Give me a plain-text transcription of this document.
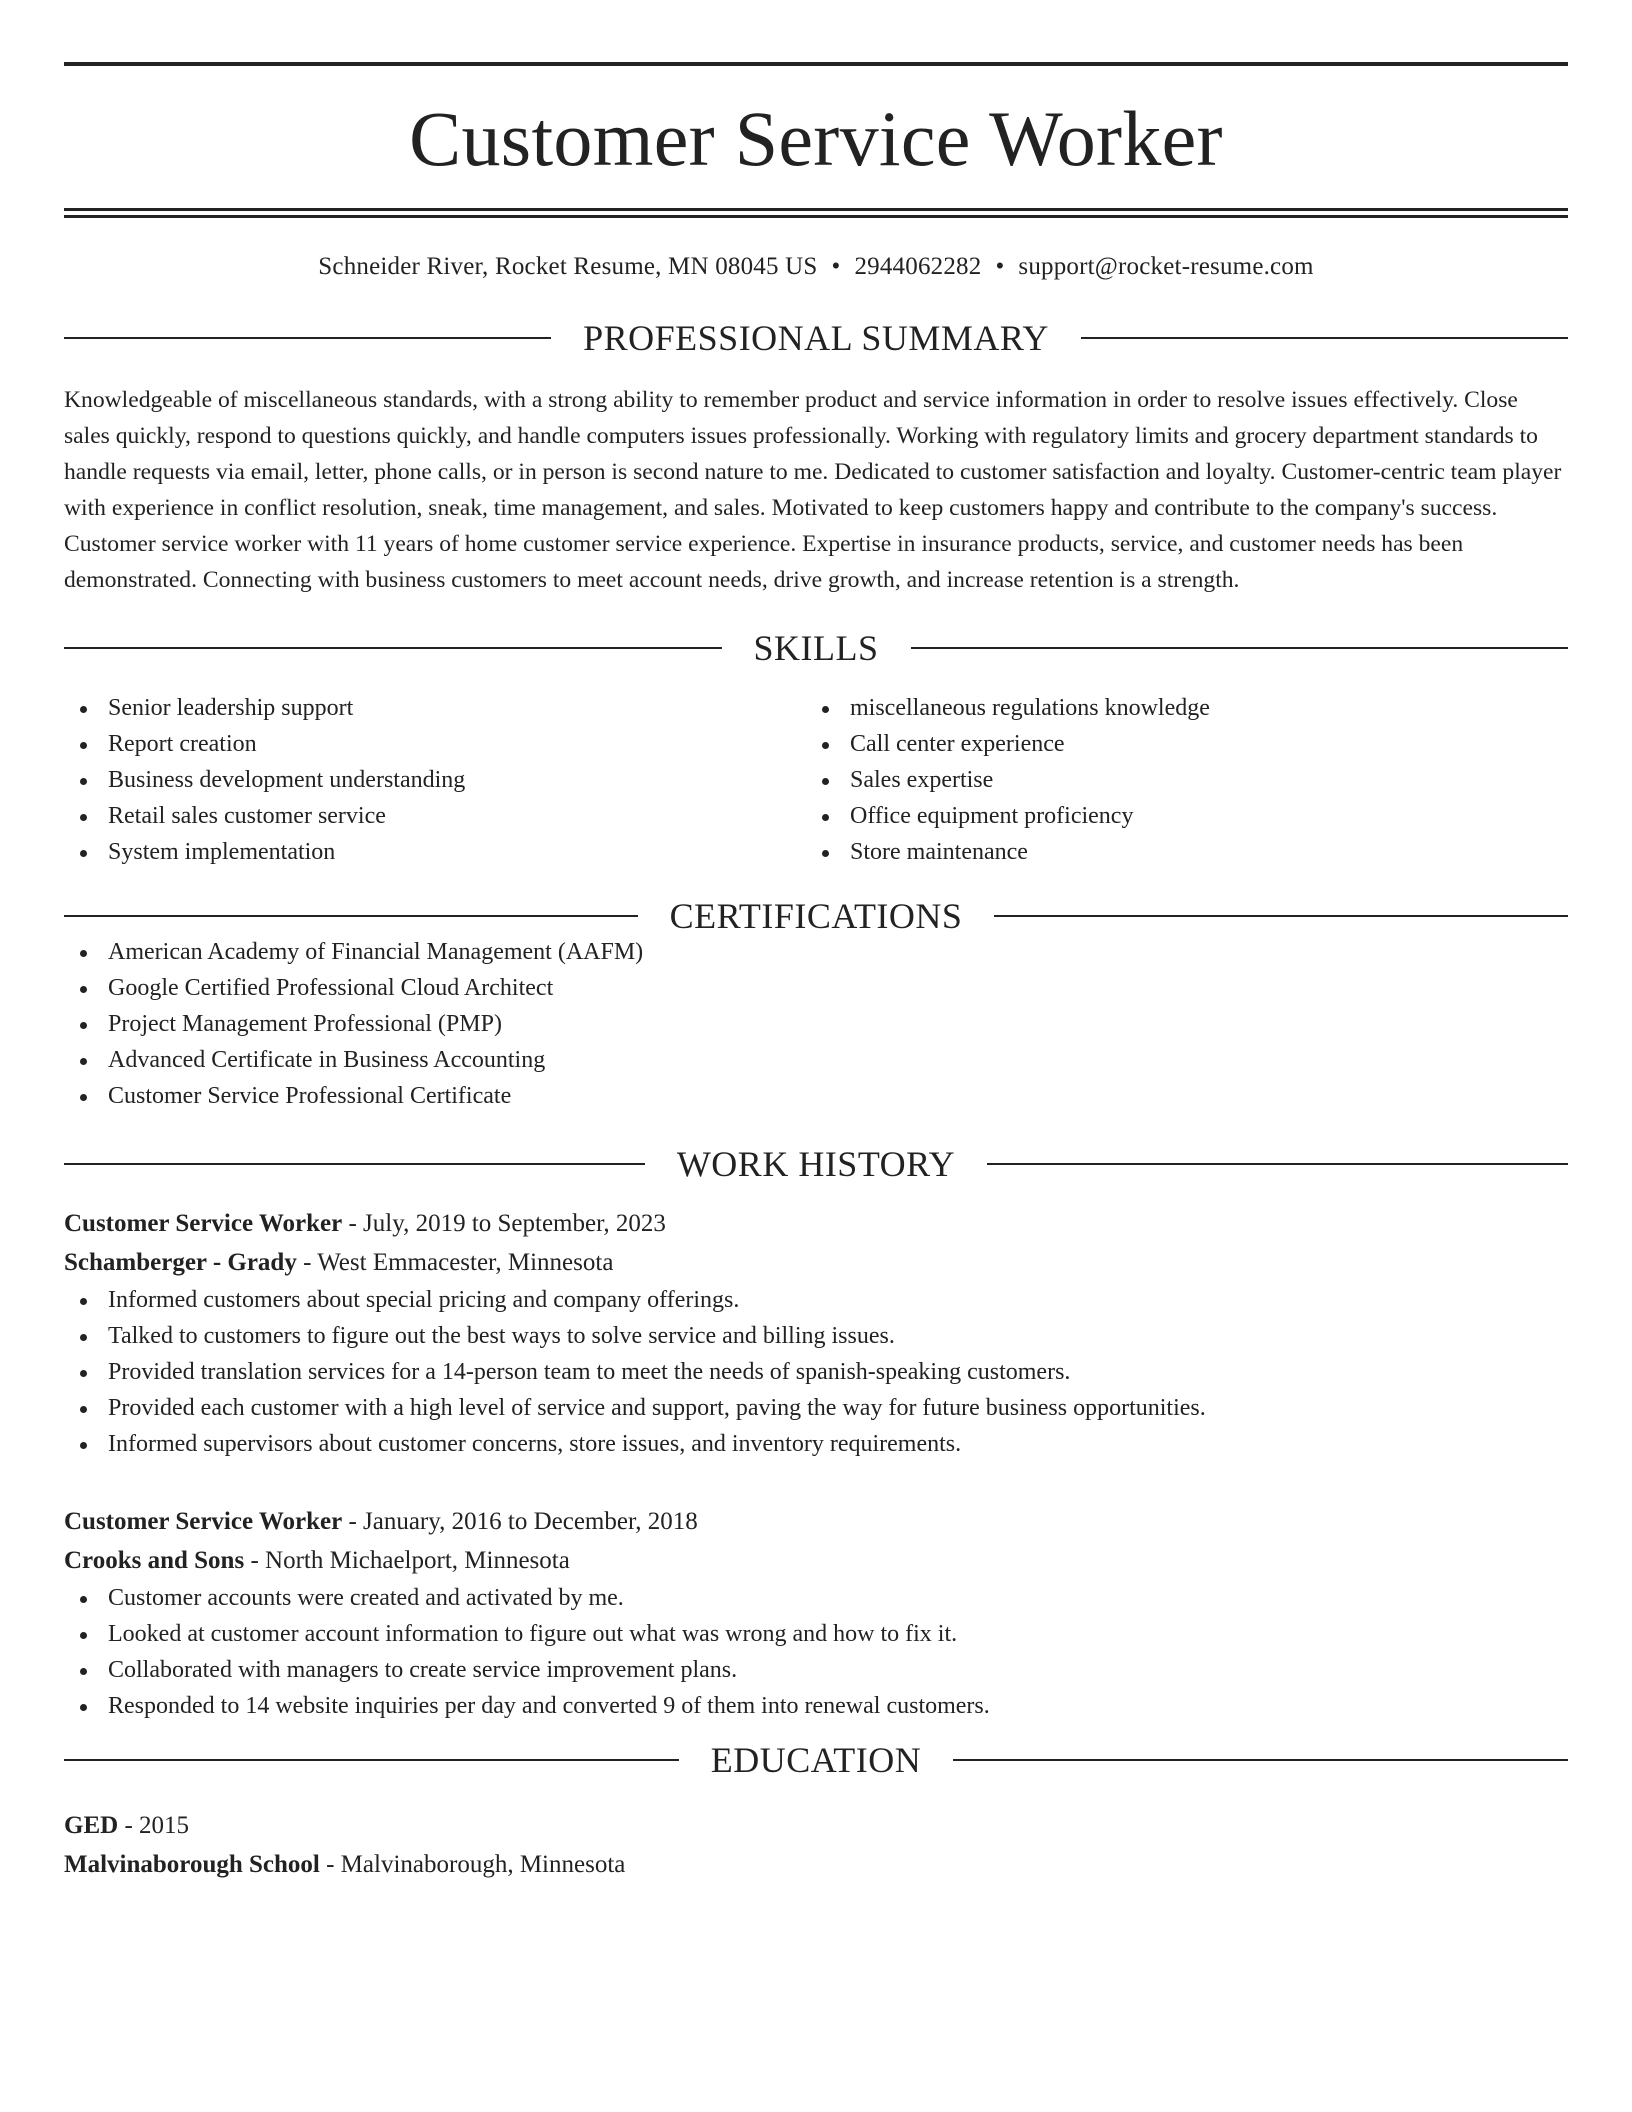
Customer Service Worker
Schneider River, Rocket Resume, MN 08045 US • 2944062282 • support@rocket-resume.com
PROFESSIONAL SUMMARY

Knowledgeable of miscellaneous standards, with a strong ability to remember product and service information in order to resolve issues effectively. Close sales quickly, respond to questions quickly, and handle computers issues professionally. Working with regulatory limits and grocery department standards to handle requests via email, letter, phone calls, or in person is second nature to me. Dedicated to customer satisfaction and loyalty. Customer-centric team player with experience in conflict resolution, sneak, time management, and sales. Motivated to keep customers happy and contribute to the company's success. Customer service worker with 11 years of home customer service experience. Expertise in insurance products, service, and customer needs has been demonstrated. Connecting with business customers to meet account needs, drive growth, and increase retention is a strength.

SKILLS
Senior leadership support
Report creation
Business development understanding
Retail sales customer service
System implementation
miscellaneous regulations knowledge
Call center experience
Sales expertise
Office equipment proficiency
Store maintenance
CERTIFICATIONS
American Academy of Financial Management (AAFM)
Google Certified Professional Cloud Architect
Project Management Professional (PMP)
Advanced Certificate in Business Accounting
Customer Service Professional Certificate
WORK HISTORY
Customer Service Worker - July, 2019 to September, 2023
Schamberger - Grady - West Emmacester, Minnesota
Informed customers about special pricing and company offerings.
Talked to customers to figure out the best ways to solve service and billing issues.
Provided translation services for a 14-person team to meet the needs of spanish-speaking customers.
Provided each customer with a high level of service and support, paving the way for future business opportunities.
Informed supervisors about customer concerns, store issues, and inventory requirements.
Customer Service Worker - January, 2016 to December, 2018
Crooks and Sons - North Michaelport, Minnesota
Customer accounts were created and activated by me.
Looked at customer account information to figure out what was wrong and how to fix it.
Collaborated with managers to create service improvement plans.
Responded to 14 website inquiries per day and converted 9 of them into renewal customers.
EDUCATION
GED - 2015
Malvinaborough School - Malvinaborough, Minnesota
